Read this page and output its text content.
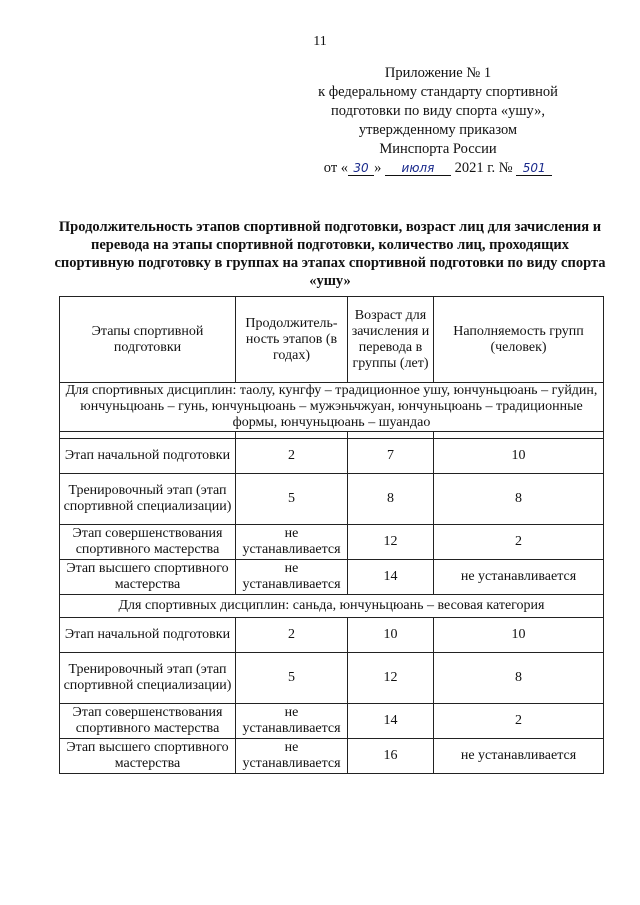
11
Приложение № 1
к федеральному стандарту спортивной
подготовки по виду спорта «ушу»,
утвержденному приказом
Минспорта России
от « 30 » июля 2021 г. № 501
Продолжительность этапов спортивной подготовки, возраст лиц для зачисления и перевода на этапы спортивной подготовки, количество лиц, проходящих спортивную подготовку в группах на этапах спортивной подготовки по виду спорта «ушу»
Этапы спортивной подготовки	Продолжитель-ность этапов (в годах)	Возраст для зачисления и перевода в группы (лет)	Наполняемость групп (человек)
Для спортивных дисциплин: таолу, кунгфу – традиционное ушу, юнчуньцюань – гуйдин, юнчуньцюань – гунь, юнчуньцюань – мужэньчжуан, юнчуньцюань – традиционные формы, юнчуньцюань – шуандао			

Этап начальной подготовки	2	7	10
Тренировочный этап (этап спортивной специализации)	5	8	8
Этап совершенствования спортивного мастерства	не устанавливается	12	2
Этап высшего спортивного мастерства	не устанавливается	14	не устанавливается
Для спортивных дисциплин: саньда, юнчуньцюань – весовая категория			
Этап начальной подготовки	2	10	10
Тренировочный этап (этап спортивной специализации)	5	12	8
Этап совершенствования спортивного мастерства	не устанавливается	14	2
Этап высшего спортивного мастерства	не устанавливается	16	не устанавливается
